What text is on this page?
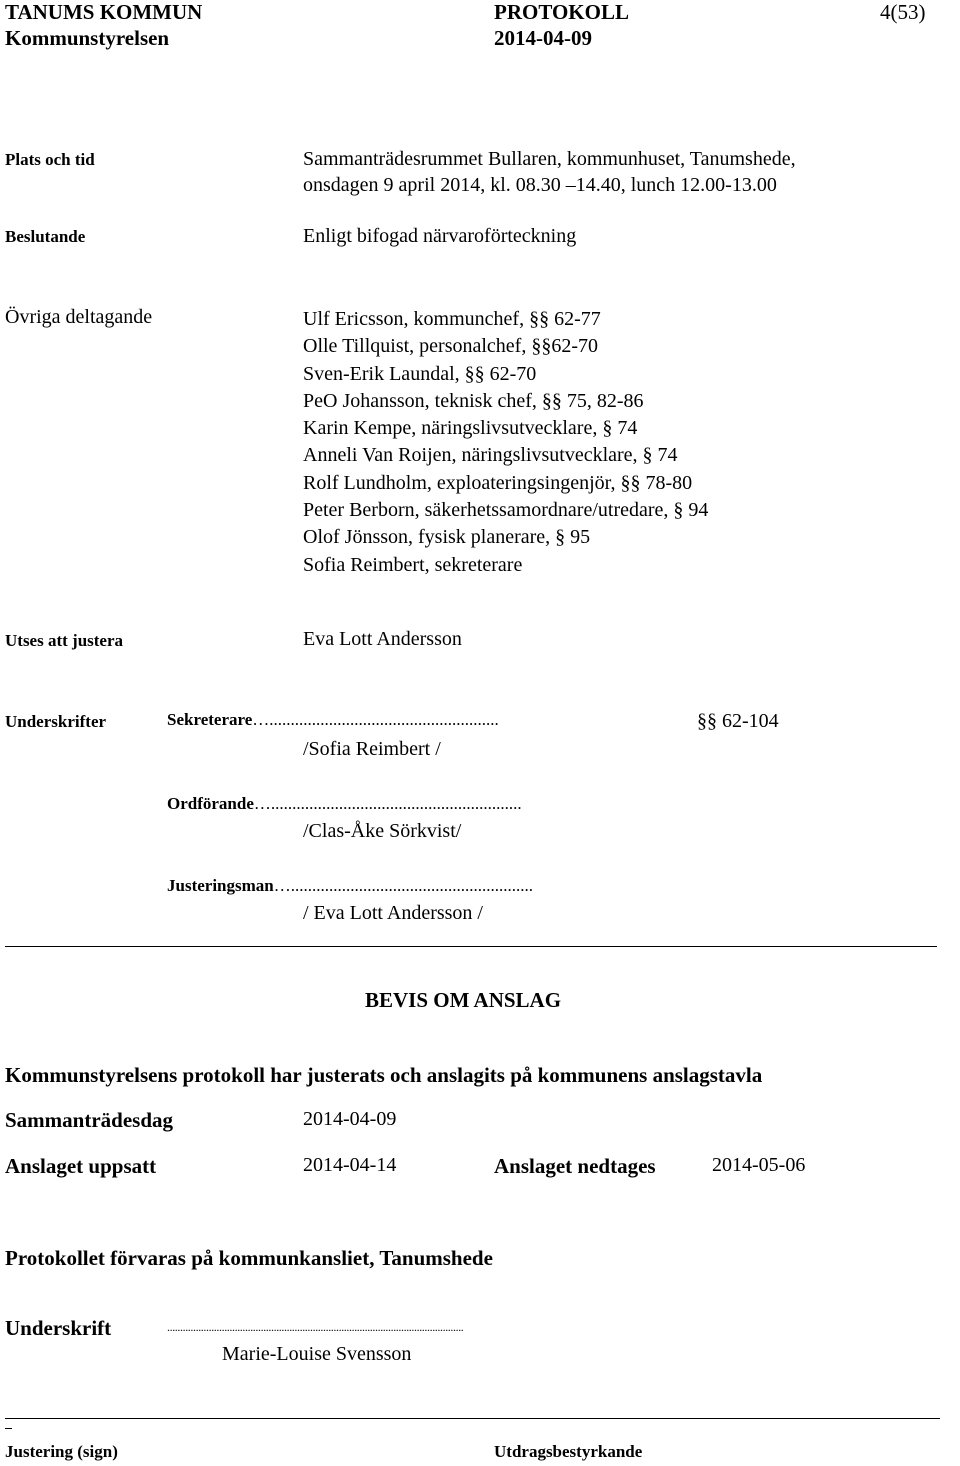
TANUMS KOMMUN	PROTOKOLL	4(53)
Kommunstyrelsen	2014-04-09
Plats och tid	Sammanträdesrummet Bullaren, kommunhuset, Tanumshede,
onsdagen 9 april 2014, kl. 08.30 –14.40, lunch 12.00-13.00
Beslutande	Enligt bifogad närvaroförteckning
Övriga deltagande	Ulf Ericsson, kommunchef, §§ 62-77
Olle Tillquist, personalchef, §§62-70
Sven-Erik Laundal, §§ 62-70
PeO Johansson, teknisk chef, §§ 75, 82-86
Karin Kempe, näringslivsutvecklare, § 74
Anneli Van Roijen, näringslivsutvecklare, § 74
Rolf Lundholm, exploateringsingenjör, §§ 78-80
Peter Berborn, säkerhetssamordnare/utredare, § 94
Olof Jönsson, fysisk planerare, § 95
Sofia Reimbert, sekreterare
Utses att justera	Eva Lott Andersson
Underskrifter	Sekreterare…......................................................	§§ 62-104
/Sofia Reimbert /
Ordförande…...........................................................
/Clas-Åke Sörkvist/
Justeringsman….........................................................
/ Eva Lott Andersson /
BEVIS OM ANSLAG
Kommunstyrelsens protokoll har justerats och anslagits på kommunens anslagstavla
Sammanträdesdag	2014-04-09
Anslaget uppsatt	2014-04-14	Anslaget nedtages	2014-05-06
Protokollet förvaras på kommunkansliet, Tanumshede
Underskrift	..................................................................................................................
Marie-Louise Svensson
Justering (sign)	Utdragsbestyrkande
